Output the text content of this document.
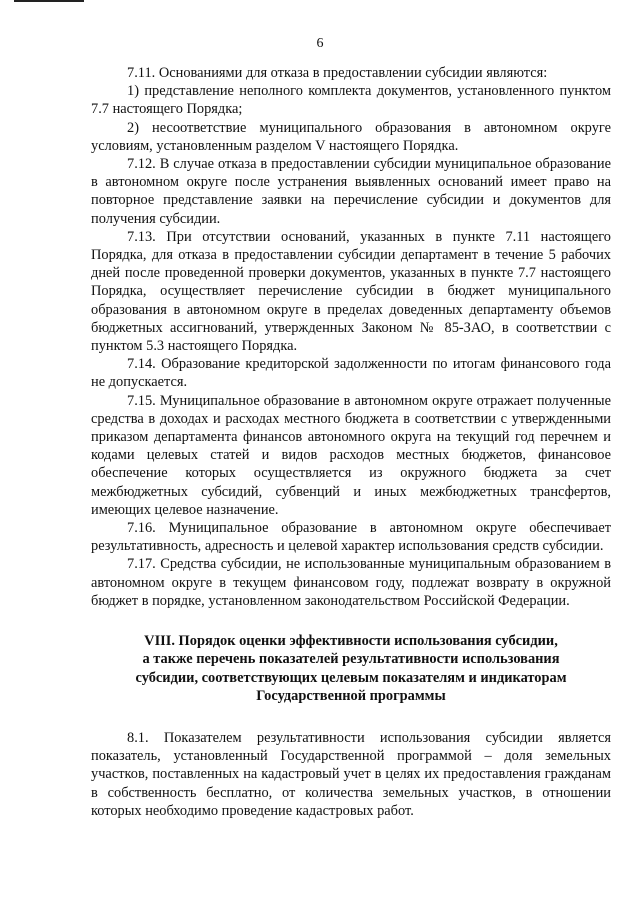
6

7.11. Основаниями для отказа в предоставлении субсидии являются:

1) представление неполного комплекта документов, установленного пунктом 7.7 настоящего Порядка;

2) несоответствие муниципального образования в автономном округе условиям, установленным разделом V настоящего Порядка.

7.12. В случае отказа в предоставлении субсидии муниципальное образование в автономном округе после устранения выявленных оснований имеет право на повторное представление заявки на перечисление субсидии и документов для получения субсидии.

7.13. При отсутствии оснований, указанных в пункте 7.11 настоящего Порядка, для отказа в предоставлении субсидии департамент в течение 5 рабочих дней после проведенной проверки документов, указанных в пункте 7.7 настоящего Порядка, осуществляет перечисление субсидии в бюджет муниципального образования в автономном округе в пределах доведенных департаменту объемов бюджетных ассигнований, утвержденных Законом № 85-ЗАО, в соответствии с пунктом 5.3 настоящего Порядка.

7.14. Образование кредиторской задолженности по итогам финансового года не допускается.

7.15. Муниципальное образование в автономном округе отражает полученные средства в доходах и расходах местного бюджета в соответствии с утвержденными приказом департамента финансов автономного округа на текущий год перечнем и кодами целевых статей и видов расходов местных бюджетов, финансовое обеспечение которых осуществляется из окружного бюджета за счет межбюджетных субсидий, субвенций и иных межбюджетных трансфертов, имеющих целевое назначение.

7.16. Муниципальное образование в автономном округе обеспечивает результативность, адресность и целевой характер использования средств субсидии.

7.17. Средства субсидии, не использованные муниципальным образованием в автономном округе в текущем финансовом году, подлежат возврату в окружной бюджет в порядке, установленном законодательством Российской Федерации.

VIII. Порядок оценки эффективности использования субсидии,
а также перечень показателей результативности использования
субсидии, соответствующих целевым показателям и индикаторам
Государственной программы

8.1. Показателем результативности использования субсидии является показатель, установленный Государственной программой – доля земельных участков, поставленных на кадастровый учет в целях их предоставления гражданам в собственность бесплатно, от количества земельных участков, в отношении которых необходимо проведение кадастровых работ.
